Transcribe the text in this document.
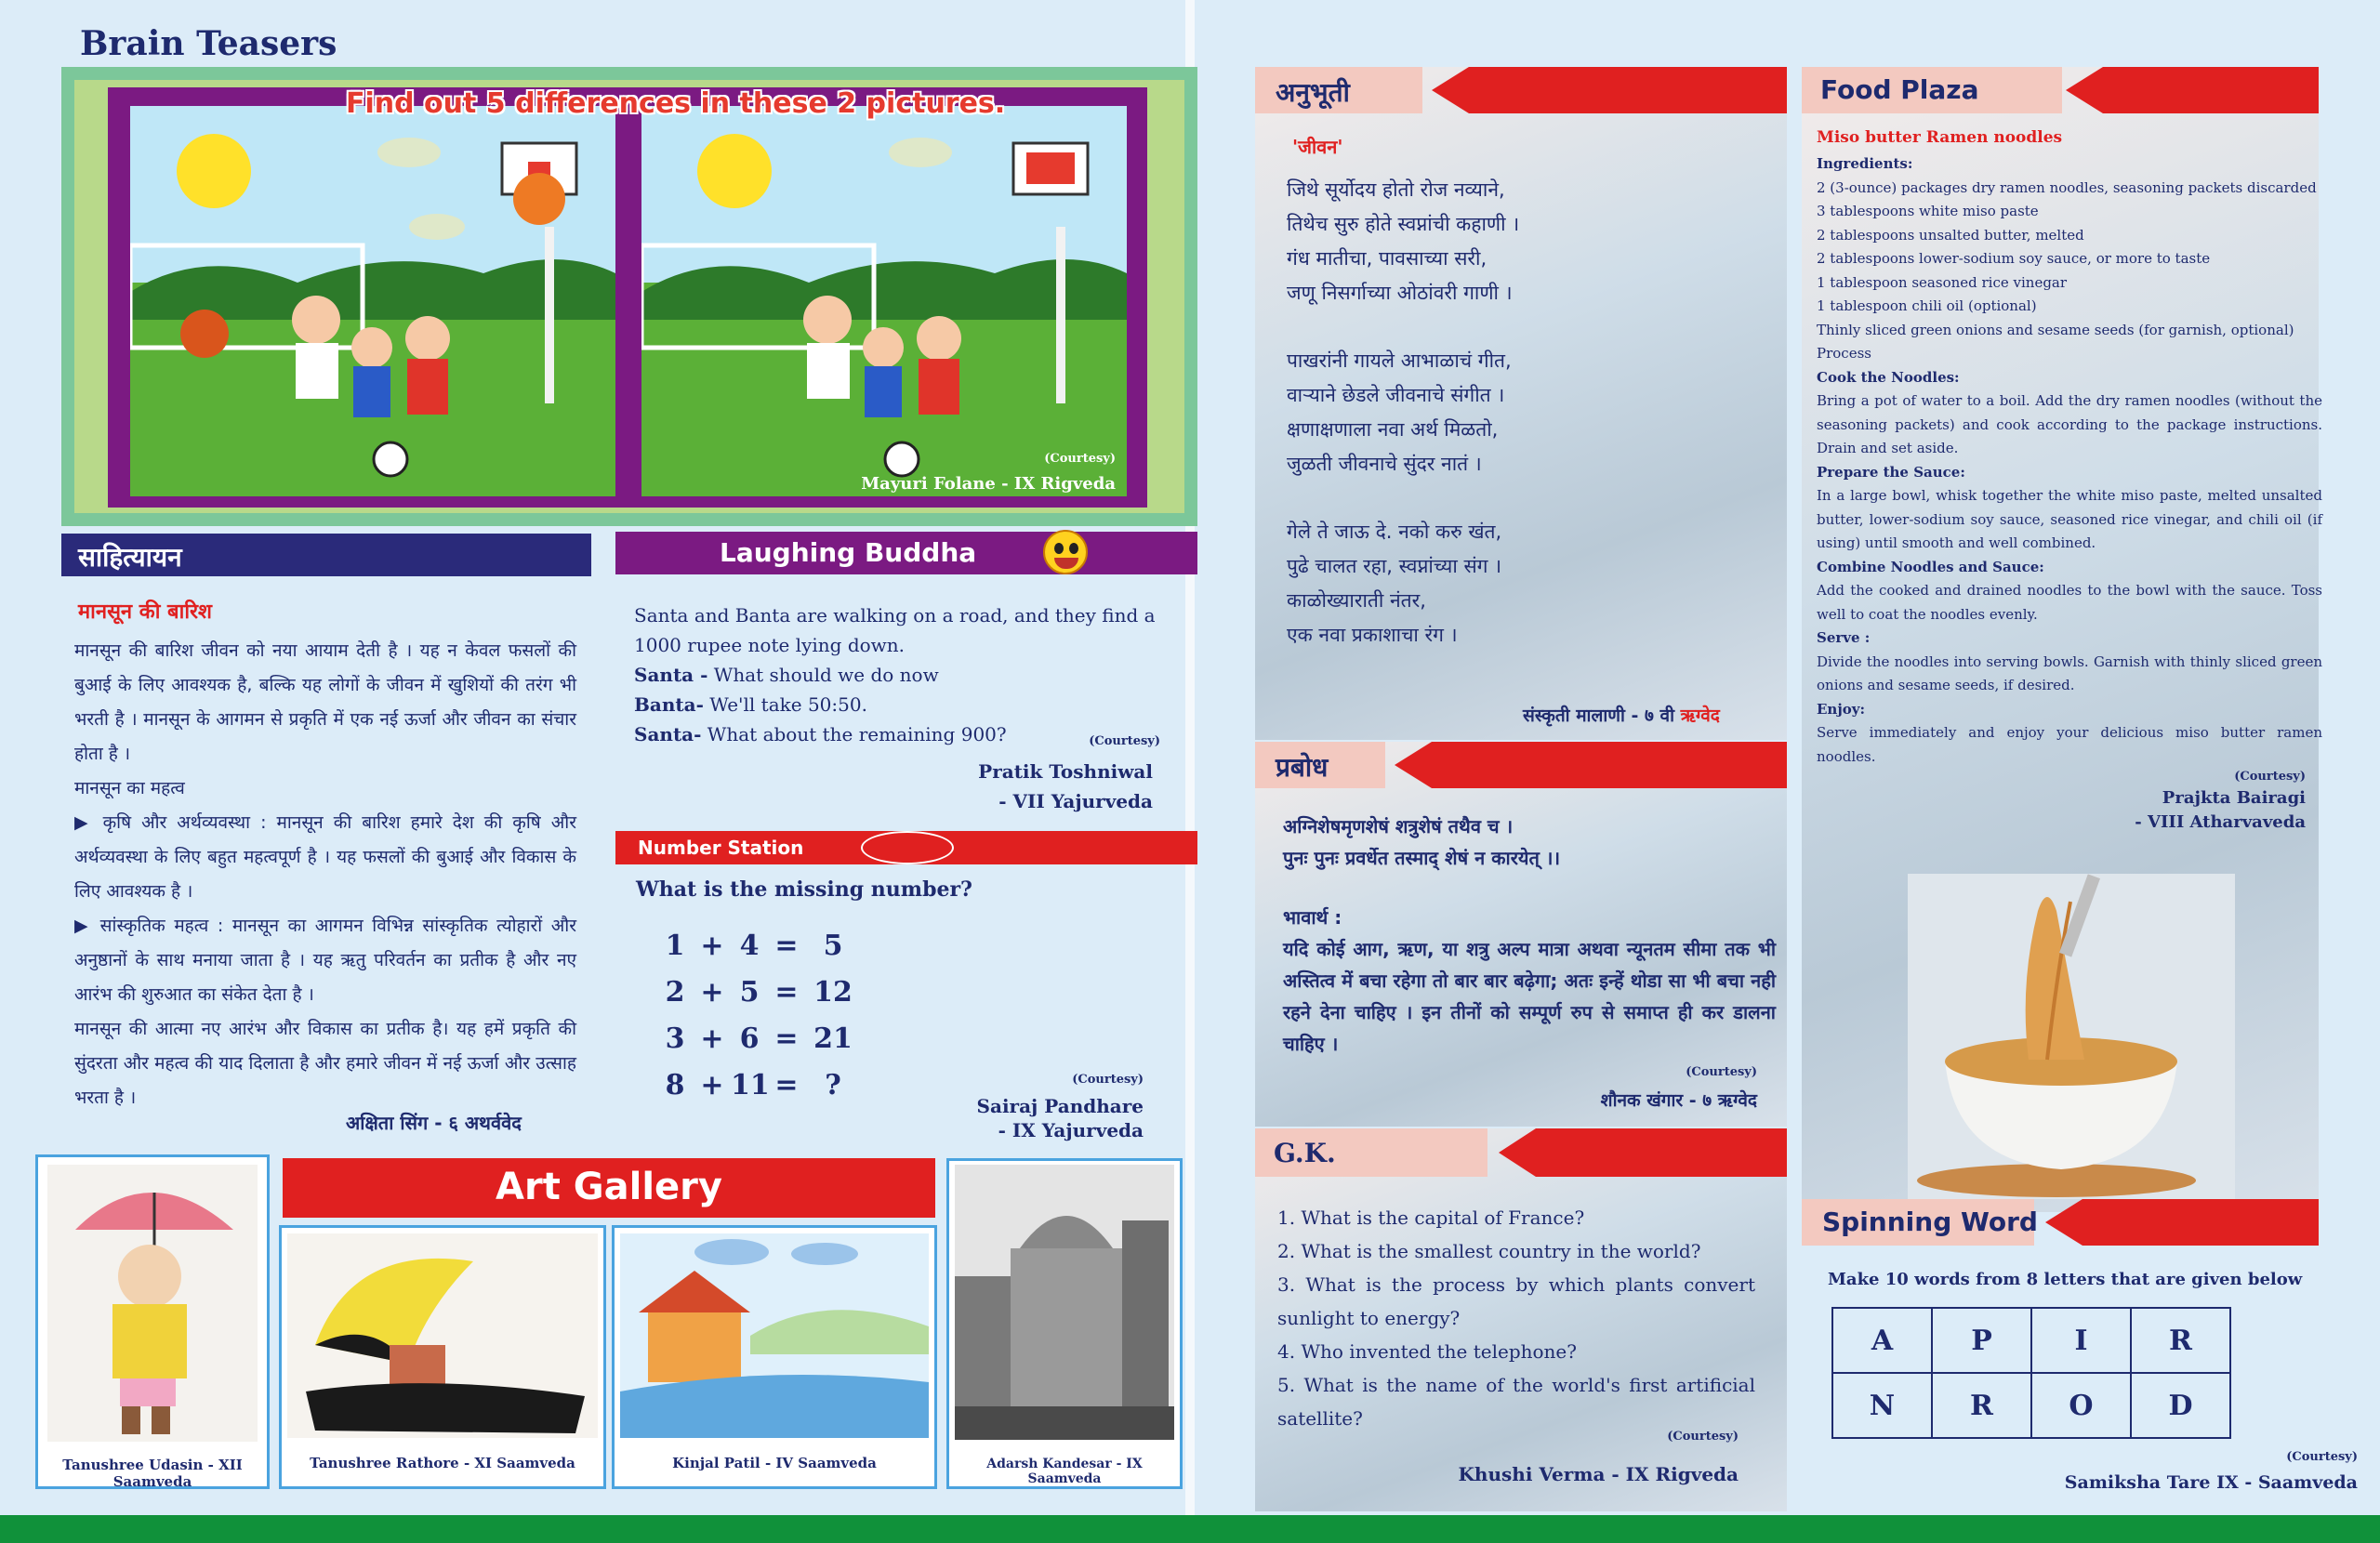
Brain Teasers
Find out 5 differences in these 2 pictures.
(Courtesy)
Mayuri Folane - IX Rigveda
साहित्यायन
मानसून की बारिश

मानसून की बारिश जीवन को नया आयाम देती है । यह न केवल फसलों की बुआई के लिए आवश्यक है, बल्कि यह लोगों के जीवन में खुशियों की तरंग भी भरती है । मानसून के आगमन से प्रकृति में एक नई ऊर्जा और जीवन का संचार होता है ।

मानसून का महत्व

▶ कृषि और अर्थव्यवस्था : मानसून की बारिश हमारे देश की कृषि और अर्थव्यवस्था के लिए बहुत महत्वपूर्ण है । यह फसलों की बुआई और विकास के लिए आवश्यक है ।

▶ सांस्कृतिक महत्व : मानसून का आगमन विभिन्न सांस्कृतिक त्योहारों और अनुष्ठानों के साथ मनाया जाता है । यह ऋतु परिवर्तन का प्रतीक है और नए आरंभ की शुरुआत का संकेत देता है ।

मानसून की आत्मा नए आरंभ और विकास का प्रतीक है। यह हमें प्रकृति की सुंदरता और महत्व की याद दिलाता है और हमारे जीवन में नई ऊर्जा और उत्साह भरता है ।

अक्षिता सिंग - ६ अथर्ववेद
Laughing Buddha

Santa and Banta are walking on a road, and they find a 1000 rupee note lying down.

Santa - What should we do now

Banta- We'll take 50:50.

Santa- What about the remaining 900?	(Courtesy)
Pratik Toshniwal
- VII Yajurveda
Number Station
What is the missing number?
1 + 4 = 5
2 + 5 = 12
3 + 6 = 21
8 + 11 = ?	(Courtesy)
Sairaj Pandhare
- IX Yajurveda
Art Gallery
Tanushree Udasin - XII Saamveda
Tanushree Rathore - XI Saamveda	Kinjal Patil - IV Saamveda	Adarsh Kandesar - IX Saamveda
अनुभूती
'जीवन'

जिथे सूर्योदय होतो रोज नव्याने,

तिथेच सुरु होते स्वप्नांची कहाणी ।

गंध मातीचा, पावसाच्या सरी,

जणू निसर्गाच्या ओठांवरी गाणी ।

पाखरांनी गायले आभाळाचं गीत,

वाऱ्याने छेडले जीवनाचे संगीत ।

क्षणाक्षणाला नवा अर्थ मिळतो,

जुळती जीवनाचे सुंदर नातं ।

गेले ते जाऊ दे. नको करु खंत,

पुढे चालत रहा, स्वप्नांच्या संग ।

काळोख्याराती नंतर,

एक नवा प्रकाशाचा रंग ।

संस्कृती मालाणी - ७ वी ऋग्वेद
प्रबोध

अग्निशेषमृणशेषं शत्रुशेषं तथैव च ।

पुनः पुनः प्रवर्धेत तस्माद् शेषं न कारयेत् ।।

भावार्थ :

यदि कोई आग, ऋण, या शत्रु अल्प मात्रा अथवा न्यूनतम सीमा तक भी अस्तित्व में बचा रहेगा तो बार बार बढ़ेगा; अतः इन्हें थोडा सा भी बचा नही रहने देना चाहिए । इन तीनों को सम्पूर्ण रुप से समाप्त ही कर डालना चाहिए ।

(Courtesy)
शौनक खंगार - ७ ऋग्वेद
G.K.

1. What is the capital of France?

2. What is the smallest country in the world?

3. What is the process by which plants convert sunlight to energy?

4. Who invented the telephone?

5. What is the name of the world's first artificial satellite?

(Courtesy)
Khushi Verma - IX Rigveda
Food Plaza
Miso butter Ramen noodles

Ingredients:

2 (3-ounce) packages dry ramen noodles, seasoning packets discarded

3 tablespoons white miso paste

2 tablespoons unsalted butter, melted

2 tablespoons lower-sodium soy sauce, or more to taste

1 tablespoon seasoned rice vinegar

1 tablespoon chili oil (optional)

Thinly sliced green onions and sesame seeds (for garnish, optional)

Process

Cook the Noodles:

Bring a pot of water to a boil. Add the dry ramen noodles (without the seasoning packets) and cook according to the package instructions. Drain and set aside.

Prepare the Sauce:

In a large bowl, whisk together the white miso paste, melted unsalted butter, lower-sodium soy sauce, seasoned rice vinegar, and chili oil (if using) until smooth and well combined.

Combine Noodles and Sauce:

Add the cooked and drained noodles to the bowl with the sauce. Toss well to coat the noodles evenly.

Serve :

Divide the noodles into serving bowls. Garnish with thinly sliced green onions and sesame seeds, if desired.

Enjoy:

Serve immediately and enjoy your delicious miso butter ramen noodles.

(Courtesy)
Prajkta Bairagi
- VIII Atharvaveda
Spinning Word
Make 10 words from 8 letters that are given below
A	P	I	R
N	R	O	D
(Courtesy)
Samiksha Tare IX - Saamveda
